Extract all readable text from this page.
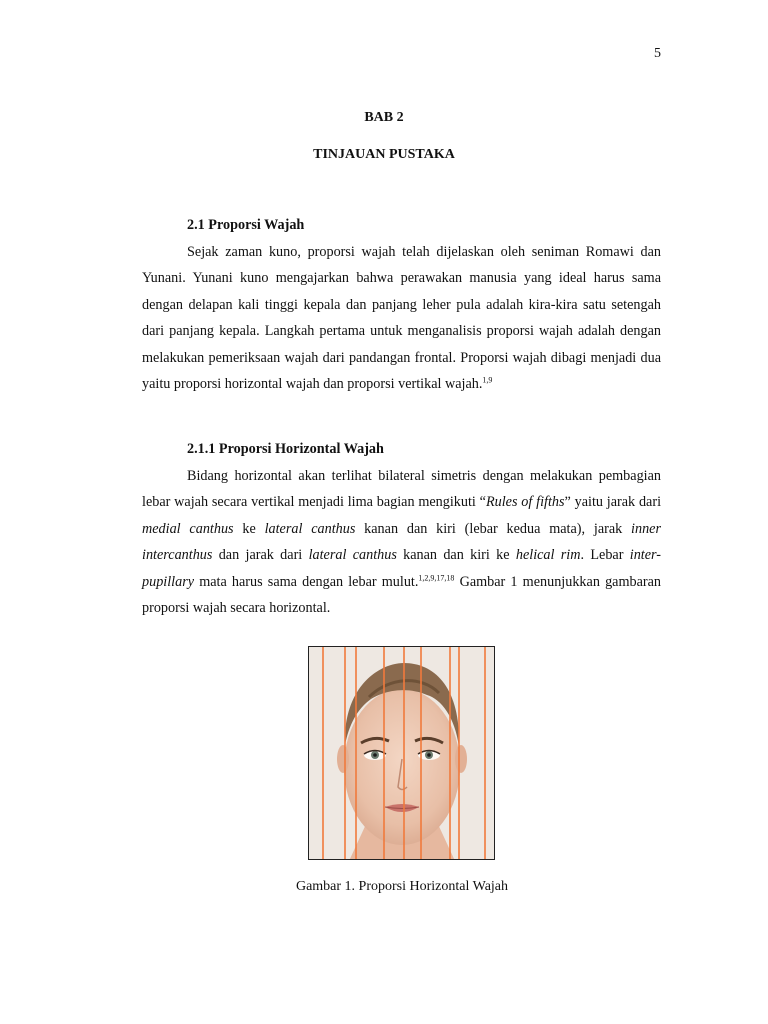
5
BAB 2
TINJAUAN PUSTAKA
2.1 Proporsi Wajah

Sejak zaman kuno, proporsi wajah telah dijelaskan oleh seniman Romawi dan Yunani. Yunani kuno mengajarkan bahwa perawakan manusia yang ideal harus sama dengan delapan kali tinggi kepala dan panjang leher pula adalah kira-kira satu setengah dari panjang kepala. Langkah pertama untuk menganalisis proporsi wajah adalah dengan melakukan pemeriksaan wajah dari pandangan frontal. Proporsi wajah dibagi menjadi dua yaitu proporsi horizontal wajah dan proporsi vertikal wajah.$^{1,9}$

2.1.1 Proporsi Horizontal Wajah

Bidang horizontal akan terlihat bilateral simetris dengan melakukan pembagian lebar wajah secara vertikal menjadi lima bagian mengikuti “Rules of fifths” yaitu jarak dari medial canthus ke lateral canthus kanan dan kiri (lebar kedua mata), jarak inner intercanthus dan jarak dari lateral canthus kanan dan kiri ke helical rim. Lebar inter-pupillary mata harus sama dengan lebar mulut.$^{1,2,9,17,18}$ Gambar 1 menunjukkan gambaran proporsi wajah secara horizontal.

Gambar 1. Proporsi Horizontal Wajah
